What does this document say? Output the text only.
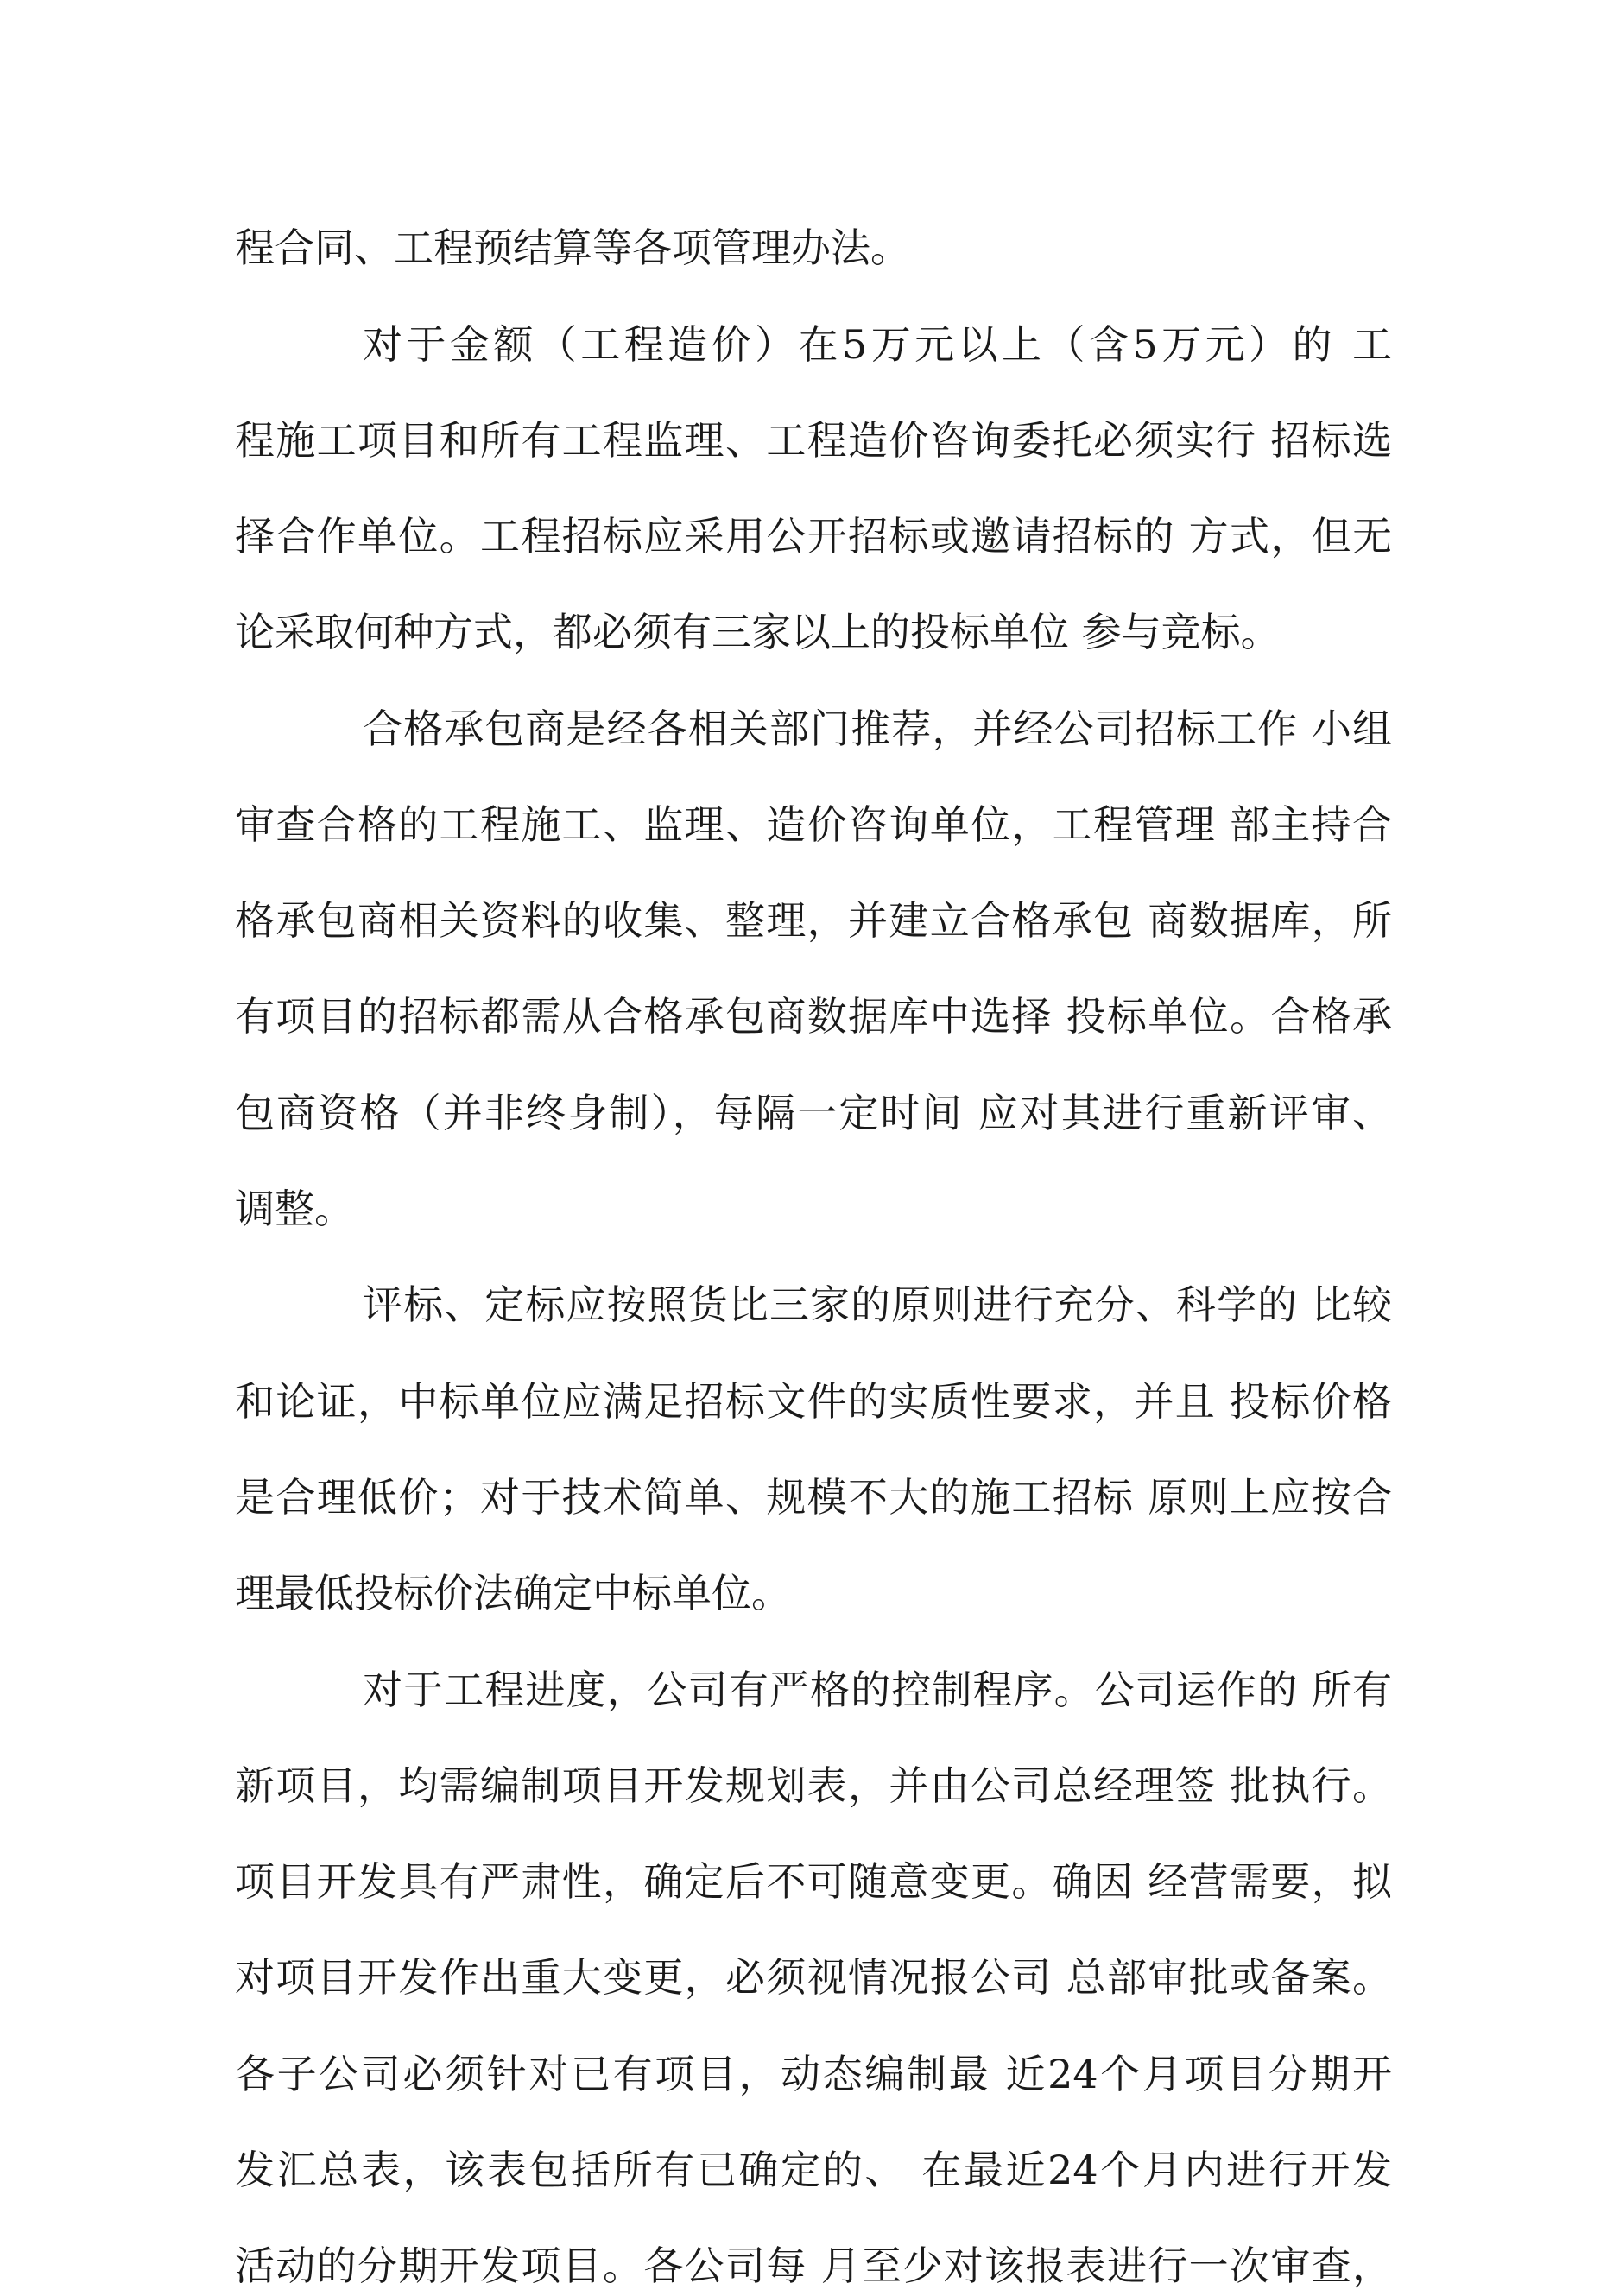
程合同、工程预结算等各项管理办法。
对于金额（工程造价）在5万元以上（含5万元）的 工
程施工项目和所有工程监理、工程造价咨询委托必须实行 招标选
择合作单位。工程招标应采用公开招标或邀请招标的 方式，但无
论采取何种方式，都必须有三家以上的投标单位 参与竞标。
合格承包商是经各相关部门推荐，并经公司招标工作 小组
审查合格的工程施工、监理、造价咨询单位，工程管理 部主持合
格承包商相关资料的收集、整理，并建立合格承包 商数据库，所
有项目的招标都需从合格承包商数据库中选择 投标单位。合格承
包商资格（并非终身制），每隔一定时间 应对其进行重新评审、
调整。
评标、定标应按照货比三家的原则进行充分、科学的 比较
和论证，中标单位应满足招标文件的实质性要求，并且 投标价格
是合理低价；对于技术简单、规模不大的施工招标 原则上应按合
理最低投标价法确定中标单位。
对于工程进度，公司有严格的控制程序。公司运作的 所有
新项目，均需编制项目开发规划表，并由公司总经理签 批执行。
项目开发具有严肃性，确定后不可随意变更。确因 经营需要，拟
对项目开发作出重大变更，必须视情况报公司 总部审批或备案。
各子公司必须针对已有项目，动态编制最 近24个月项目分期开
发汇总表，该表包括所有已确定的、 在最近24个月内进行开发
活动的分期开发项目。各公司每 月至少对该报表进行一次审查，
